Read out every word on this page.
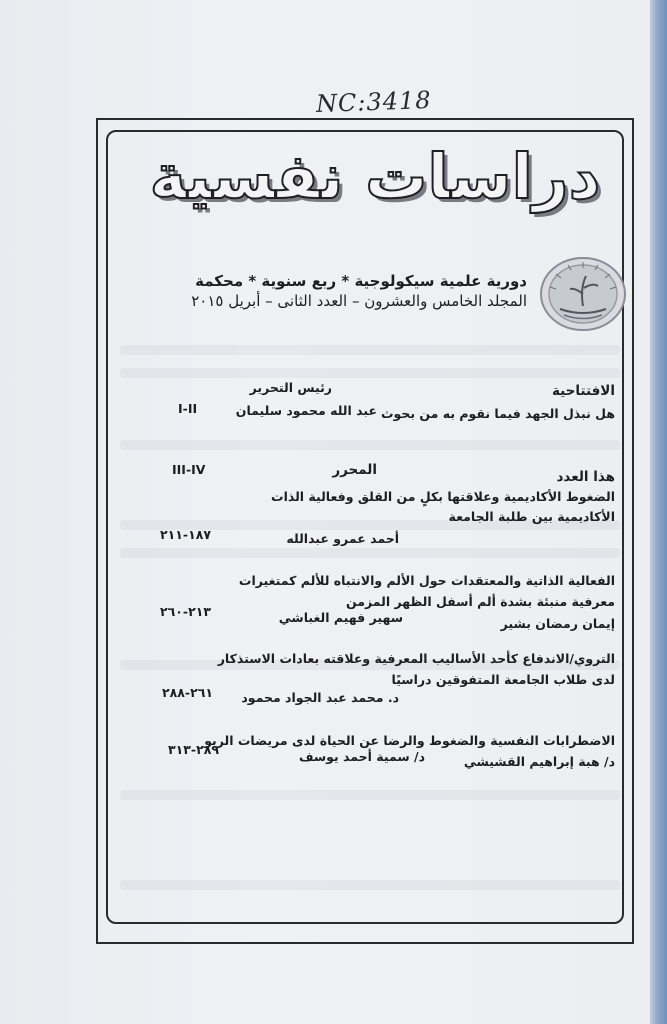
NC:3418
دراسات نفسية
دورية علمية سيكولوجية * ربع سنوية * محكمة
المجلد الخامس والعشرون – العدد الثانى – أبريل ٢٠١٥
الافتتاحية
رئيس التحرير
هل نبذل الجهد فيما نقوم به من بحوث
عبد الله محمود سليمان
I-II
هذا العدد
المحرر
III-IV
الضغوط الأكاديمية وعلاقتها بكلٍ من القلق وفعالية الذات
الأكاديمية بين طلبة الجامعة
أحمد عمرو عبدالله
١٨٧-٢١١
الفعالية الذاتية والمعتقدات حول الألم والانتباه للألم كمتغيرات
معرفية منبئة بشدة ألم أسفل الظهر المزمن
إيمان رمضان بشير
سهير فهيم الغباشي
٢١٣-٢٦٠
التروي/الاندفاع كأحد الأساليب المعرفية وعلاقته بعادات الاستذكار
لدى طلاب الجامعة المتفوقين دراسيًا
د. محمد عبد الجواد محمود
٢٦١-٢٨٨
الاضطرابات النفسية والضغوط والرضا عن الحياة لدى مريضات الربو
د/ هبة إبراهيم القشيشي
د/ سمية أحمد يوسف
٢٨٩-٣١٣
